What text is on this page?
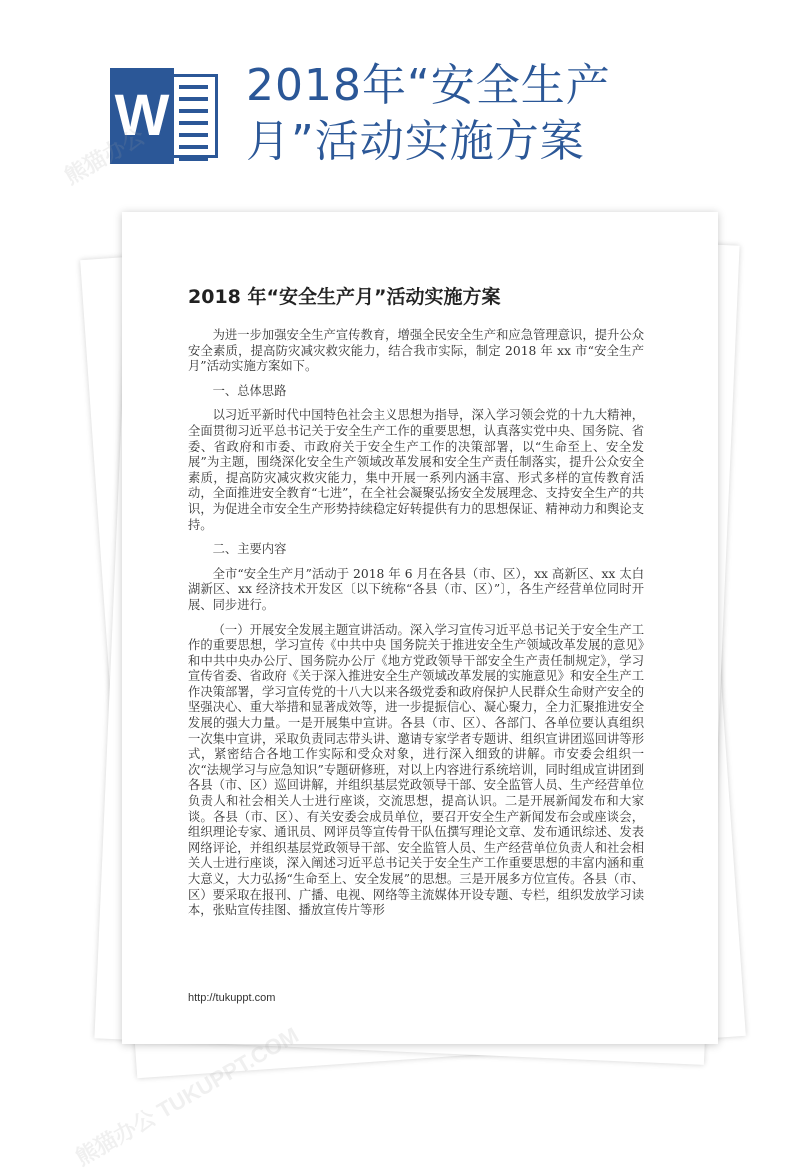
W 2018年“安全生产月”活动实施方案
2018 年“安全生产月”活动实施方案

为进一步加强安全生产宣传教育，增强全民安全生产和应急管理意识，提升公众安全素质，提高防灾减灾救灾能力，结合我市实际，制定 2018 年 xx 市“安全生产月”活动实施方案如下。

一、总体思路

以习近平新时代中国特色社会主义思想为指导，深入学习领会党的十九大精神，全面贯彻习近平总书记关于安全生产工作的重要思想，认真落实党中央、国务院、省委、省政府和市委、市政府关于安全生产工作的决策部署，以“生命至上、安全发展”为主题，围绕深化安全生产领域改革发展和安全生产责任制落实，提升公众安全素质，提高防灾减灾救灾能力，集中开展一系列内涵丰富、形式多样的宣传教育活动，全面推进安全教育“七进”，在全社会凝聚弘扬安全发展理念、支持安全生产的共识，为促进全市安全生产形势持续稳定好转提供有力的思想保证、精神动力和舆论支持。

二、主要内容

全市“安全生产月”活动于 2018 年 6 月在各县（市、区），xx 高新区、xx 太白湖新区、xx 经济技术开发区〔以下统称“各县（市、区）”〕，各生产经营单位同时开展、同步进行。

（一）开展安全发展主题宣讲活动。深入学习宣传习近平总书记关于安全生产工作的重要思想，学习宣传《中共中央 国务院关于推进安全生产领域改革发展的意见》和中共中央办公厅、国务院办公厅《地方党政领导干部安全生产责任制规定》，学习宣传省委、省政府《关于深入推进安全生产领域改革发展的实施意见》和安全生产工作决策部署，学习宣传党的十八大以来各级党委和政府保护人民群众生命财产安全的坚强决心、重大举措和显著成效等，进一步提振信心、凝心聚力，全力汇聚推进安全发展的强大力量。一是开展集中宣讲。各县（市、区）、各部门、各单位要认真组织一次集中宣讲，采取负责同志带头讲、邀请专家学者专题讲、组织宣讲团巡回讲等形式，紧密结合各地工作实际和受众对象，进行深入细致的讲解。市安委会组织一次“法规学习与应急知识”专题研修班，对以上内容进行系统培训，同时组成宣讲团到各县（市、区）巡回讲解，并组织基层党政领导干部、安全监管人员、生产经营单位负责人和社会相关人士进行座谈，交流思想，提高认识。二是开展新闻发布和大家谈。各县（市、区）、有关安委会成员单位，要召开安全生产新闻发布会或座谈会，组织理论专家、通讯员、网评员等宣传骨干队伍撰写理论文章、发布通讯综述、发表网络评论，并组织基层党政领导干部、安全监管人员、生产经营单位负责人和社会相关人士进行座谈，深入阐述习近平总书记关于安全生产工作重要思想的丰富内涵和重大意义，大力弘扬“生命至上、安全发展”的思想。三是开展多方位宣传。各县（市、区）要采取在报刊、广播、电视、网络等主流媒体开设专题、专栏，组织发放学习读本，张贴宣传挂图、播放宣传片等形

http://tukuppt.com
熊猫办公
熊猫办公 TUKUPPT.COM
